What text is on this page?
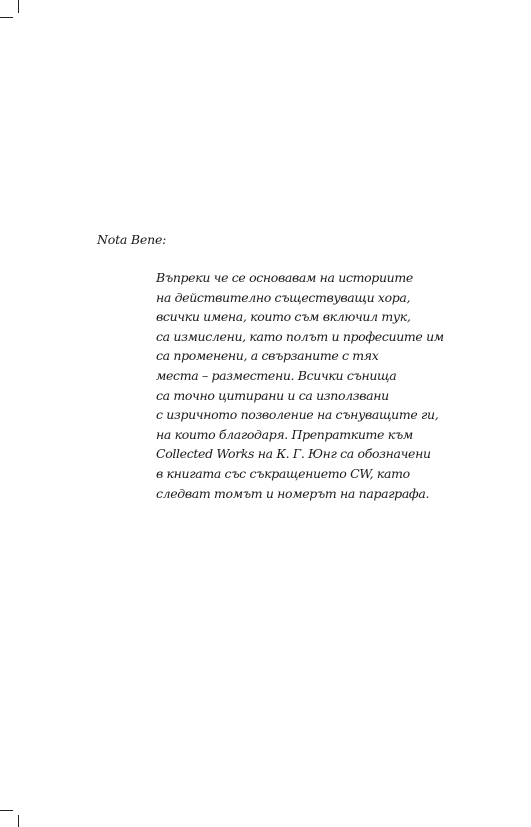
Nota Bene:
Въпреки че се основавам на историите
на действително съществуващи хора,
всички имена, които съм включил тук,
са измислени, като полът и професиите им
са променени, а свързаните с тях
места – разместени. Всички сънища
са точно цитирани и са използвани
с изричното позволение на сънуващите ги,
на които благодаря. Препратките към
Collected Works на К. Г. Юнг са обозначени
в книгата със съкращението CW, като
следват томът и номерът на параграфа.
